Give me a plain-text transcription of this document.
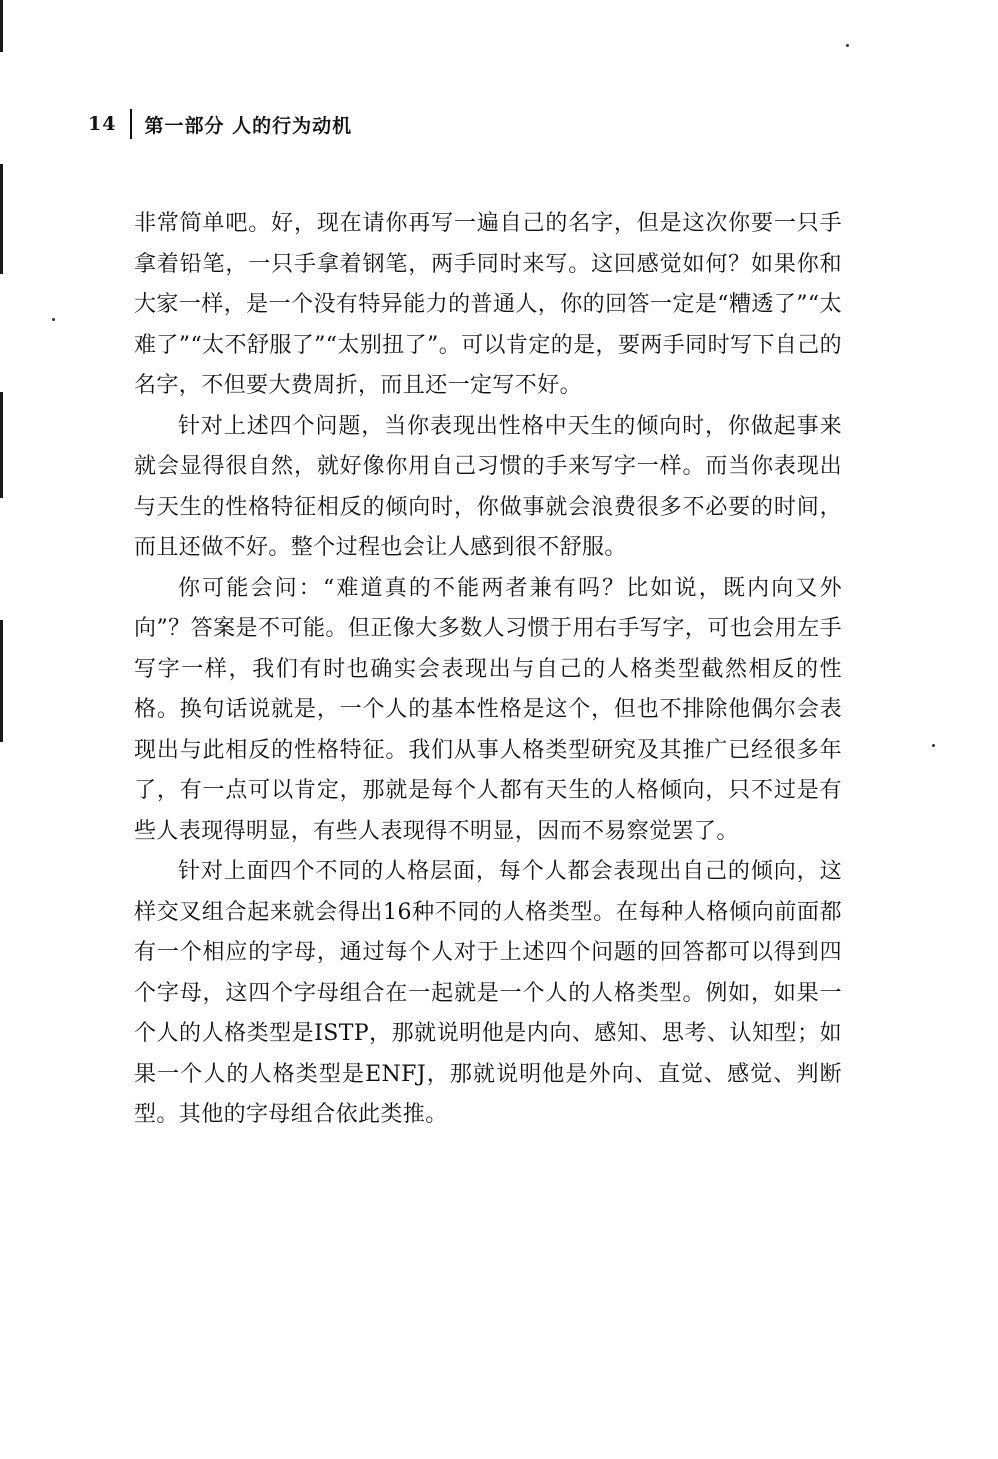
14 第一部分 人的行为动机

非常简单吧。好，现在请你再写一遍自己的名字，但是这次你要一只手拿着铅笔，一只手拿着钢笔，两手同时来写。这回感觉如何？如果你和大家一样，是一个没有特异能力的普通人，你的回答一定是“糟透了”“太难了”“太不舒服了”“太别扭了”。可以肯定的是，要两手同时写下自己的名字，不但要大费周折，而且还一定写不好。

针对上述四个问题，当你表现出性格中天生的倾向时，你做起事来就会显得很自然，就好像你用自己习惯的手来写字一样。而当你表现出与天生的性格特征相反的倾向时，你做事就会浪费很多不必要的时间，而且还做不好。整个过程也会让人感到很不舒服。

你可能会问：“难道真的不能两者兼有吗？比如说，既内向又外向”？答案是不可能。但正像大多数人习惯于用右手写字，可也会用左手写字一样，我们有时也确实会表现出与自己的人格类型截然相反的性格。换句话说就是，一个人的基本性格是这个，但也不排除他偶尔会表现出与此相反的性格特征。我们从事人格类型研究及其推广已经很多年了，有一点可以肯定，那就是每个人都有天生的人格倾向，只不过是有些人表现得明显，有些人表现得不明显，因而不易察觉罢了。

针对上面四个不同的人格层面，每个人都会表现出自己的倾向，这样交叉组合起来就会得出16种不同的人格类型。在每种人格倾向前面都有一个相应的字母，通过每个人对于上述四个问题的回答都可以得到四个字母，这四个字母组合在一起就是一个人的人格类型。例如，如果一个人的人格类型是ISTP，那就说明他是内向、感知、思考、认知型；如果一个人的人格类型是ENFJ，那就说明他是外向、直觉、感觉、判断型。其他的字母组合依此类推。
